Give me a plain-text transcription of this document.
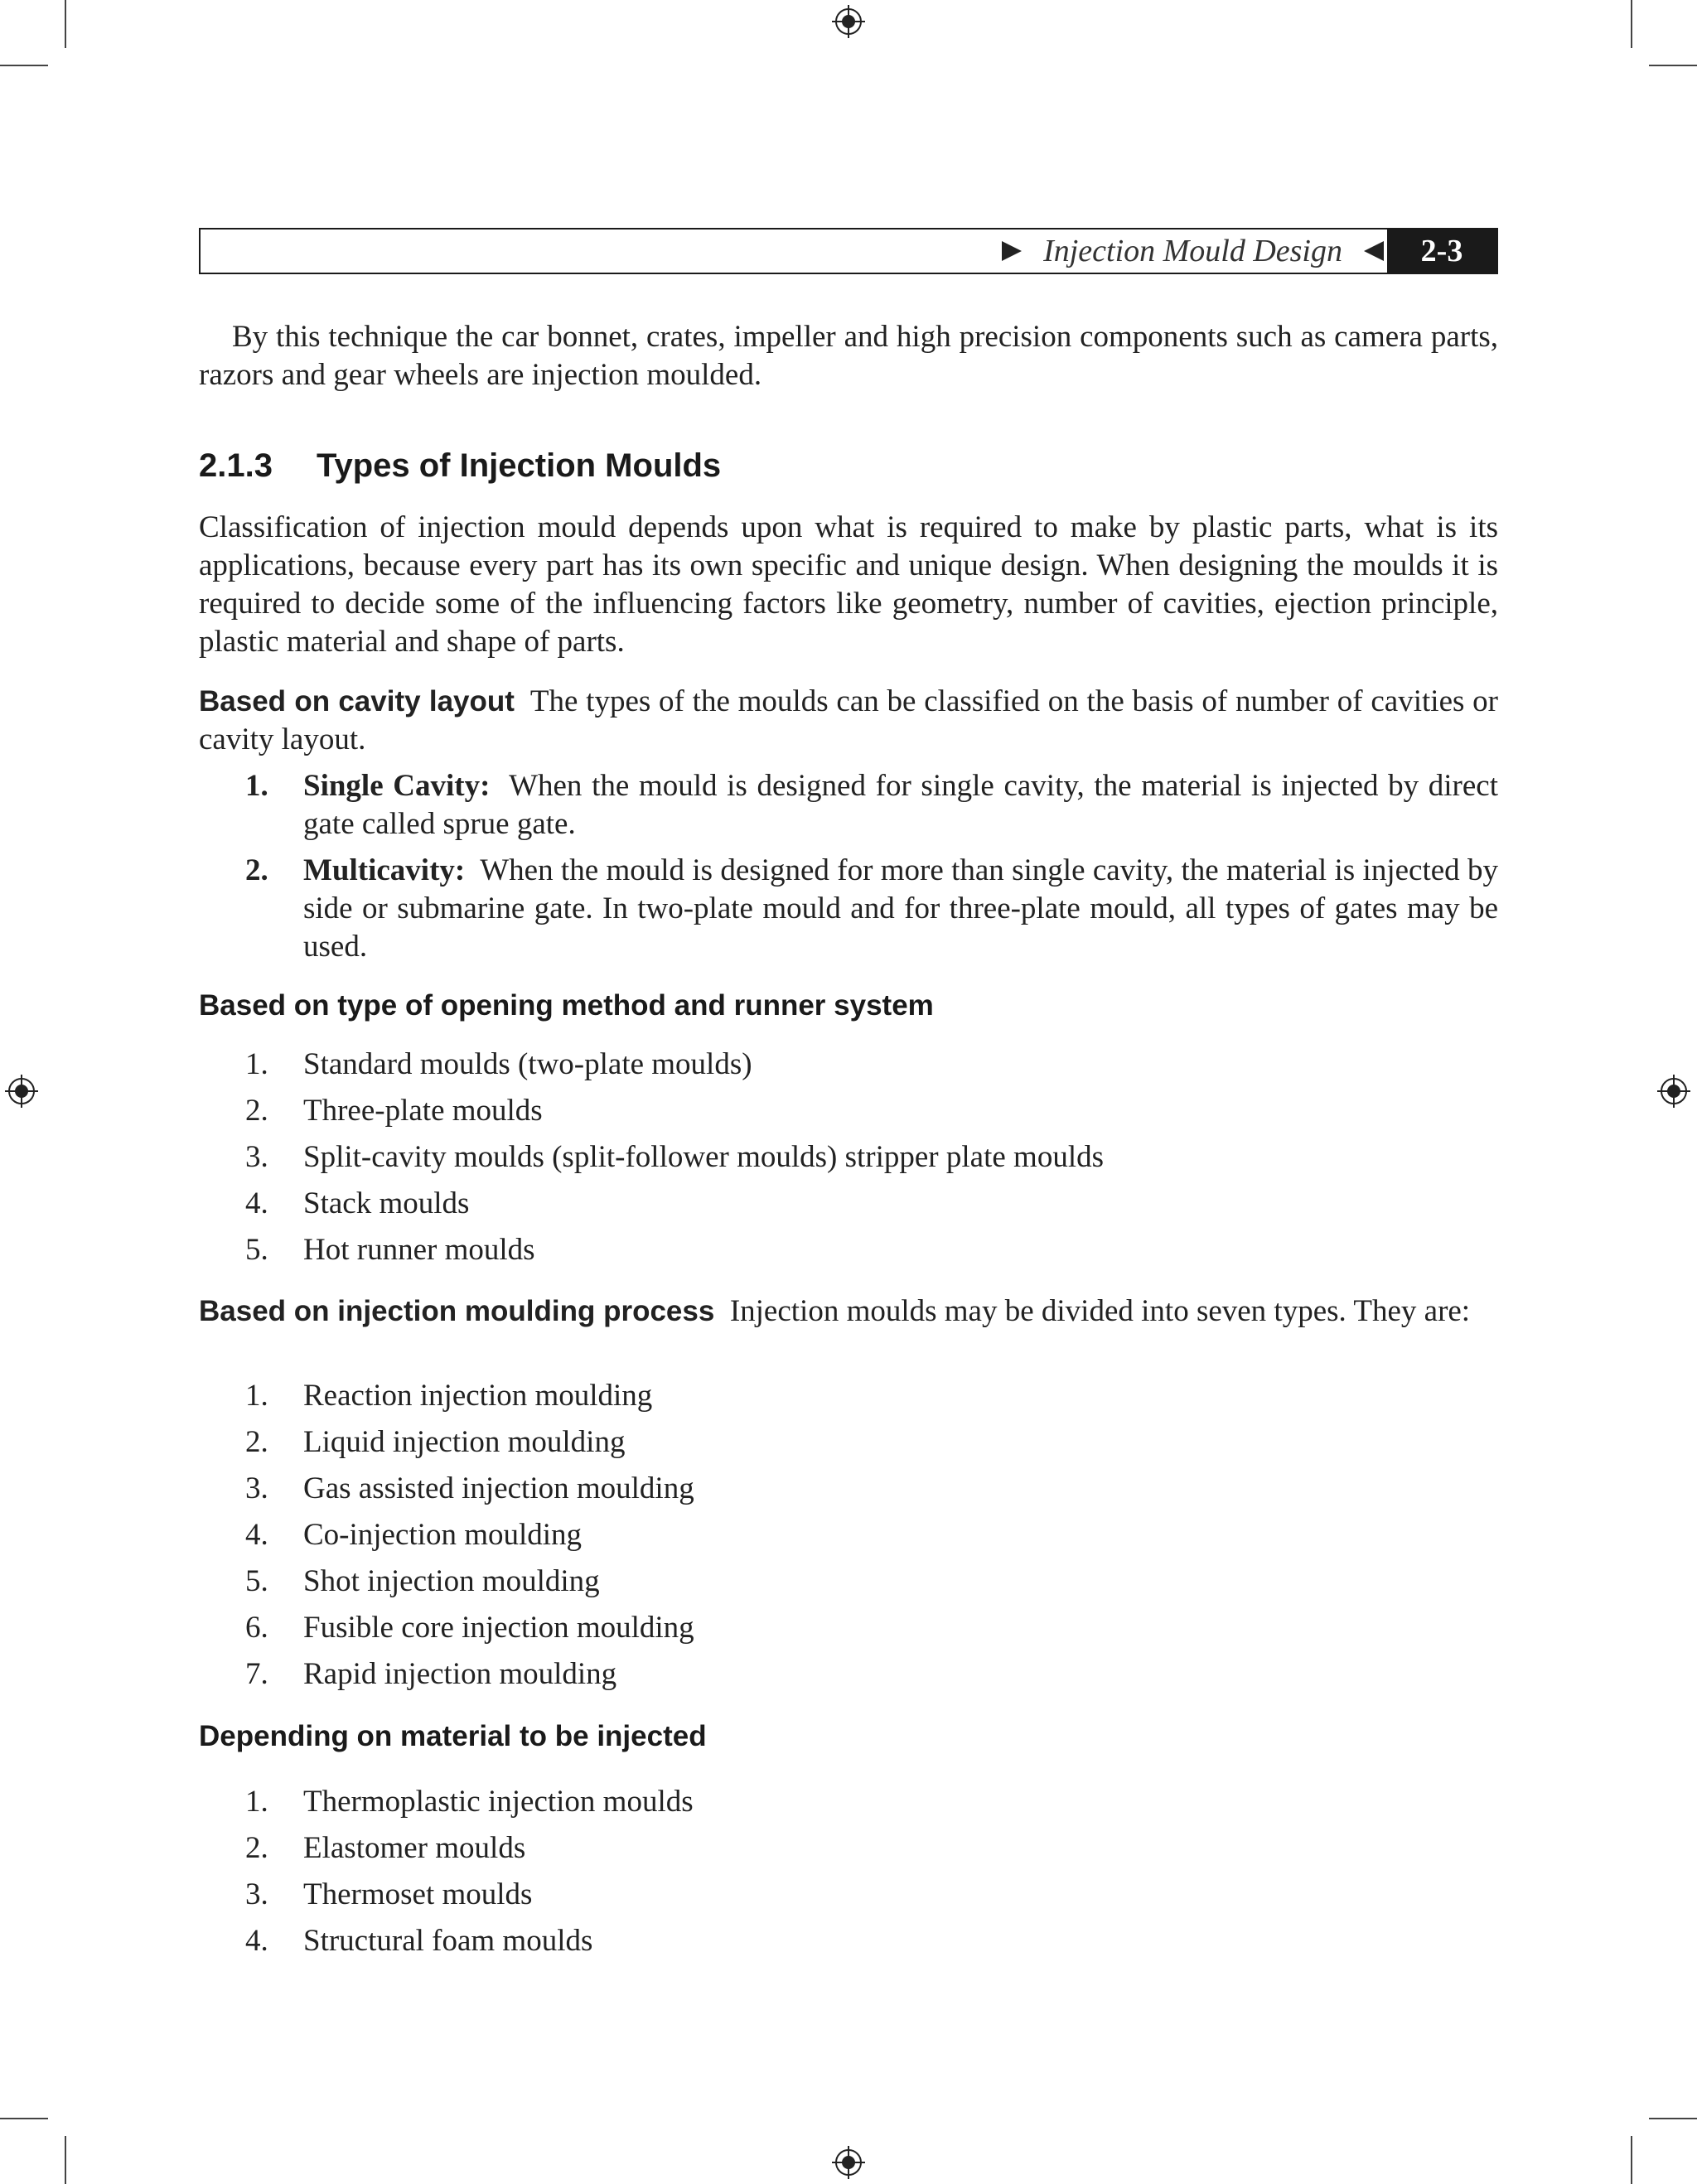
Injection Mould Design	2-3

By this technique the car bonnet, crates, impeller and high precision components such as camera parts, razors and gear wheels are injection moulded.

2.1.3 Types of Injection Moulds

Classification of injection mould depends upon what is required to make by plastic parts, what is its applications, because every part has its own specific and unique design. When designing the moulds it is required to decide some of the influencing factors like geometry, number of cavities, ejection principle, plastic material and shape of parts.

Based on cavity layout The types of the moulds can be classified on the basis of number of cavities or cavity layout.

1. Single Cavity: When the mould is designed for single cavity, the material is injected by direct gate called sprue gate.
2. Multicavity: When the mould is designed for more than single cavity, the material is injected by side or submarine gate. In two-plate mould and for three-plate mould, all types of gates may be used.
Based on type of opening method and runner system
1. Standard moulds (two-plate moulds)
2. Three-plate moulds
3. Split-cavity moulds (split-follower moulds) stripper plate moulds
4. Stack moulds
5. Hot runner moulds

Based on injection moulding process Injection moulds may be divided into seven types. They are:

1. Reaction injection moulding
2. Liquid injection moulding
3. Gas assisted injection moulding
4. Co-injection moulding
5. Shot injection moulding
6. Fusible core injection moulding
7. Rapid injection moulding
Depending on material to be injected
1. Thermoplastic injection moulds
2. Elastomer moulds
3. Thermoset moulds
4. Structural foam moulds
